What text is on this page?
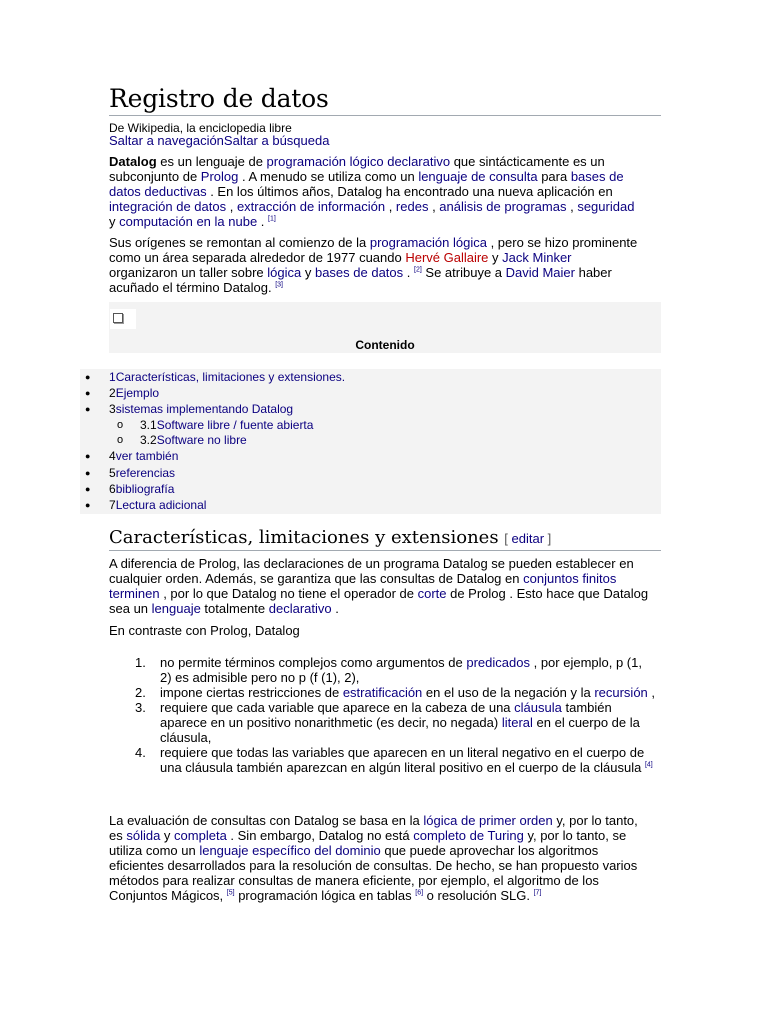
Registro de datos
De Wikipedia, la enciclopedia libre
Saltar a navegaciónSaltar a búsqueda

Datalog es un lenguaje de programación lógico declarativo que sintácticamente es un subconjunto de Prolog . A menudo se utiliza como un lenguaje de consulta para bases de datos deductivas . En los últimos años, Datalog ha encontrado una nueva aplicación en integración de datos , extracción de información , redes , análisis de programas , seguridad y computación en la nube . [1]

Sus orígenes se remontan al comienzo de la programación lógica , pero se hizo prominente como un área separada alrededor de 1977 cuando Hervé Gallaire y Jack Minker organizaron un taller sobre lógica y bases de datos . [2] Se atribuye a David Maier haber acuñado el término Datalog. [3]

Contenido
● 1Características, limitaciones y extensiones.
● 2Ejemplo
● 3sistemas implementando Datalog
o 3.1Software libre / fuente abierta
o 3.2Software no libre
● 4ver también
● 5referencias
● 6bibliografía
● 7Lectura adicional
Características, limitaciones y extensiones [ editar ]

A diferencia de Prolog, las declaraciones de un programa Datalog se pueden establecer en cualquier orden. Además, se garantiza que las consultas de Datalog en conjuntos finitos terminen , por lo que Datalog no tiene el operador de corte de Prolog . Esto hace que Datalog sea un lenguaje totalmente declarativo .

En contraste con Prolog, Datalog

1. no permite términos complejos como argumentos de predicados , por ejemplo, p (1, 2) es admisible pero no p (f (1), 2),
2. impone ciertas restricciones de estratificación en el uso de la negación y la recursión ,
3. requiere que cada variable que aparece en la cabeza de una cláusula también aparece en un positivo nonarithmetic (es decir, no negada) literal en el cuerpo de la cláusula,
4. requiere que todas las variables que aparecen en un literal negativo en el cuerpo de una cláusula también aparezcan en algún literal positivo en el cuerpo de la cláusula [4]

La evaluación de consultas con Datalog se basa en la lógica de primer orden y, por lo tanto, es sólida y completa . Sin embargo, Datalog no está completo de Turing y, por lo tanto, se utiliza como un lenguaje específico del dominio que puede aprovechar los algoritmos eficientes desarrollados para la resolución de consultas. De hecho, se han propuesto varios métodos para realizar consultas de manera eficiente, por ejemplo, el algoritmo de los Conjuntos Mágicos, [5] programación lógica en tablas [6] o resolución SLG. [7]
